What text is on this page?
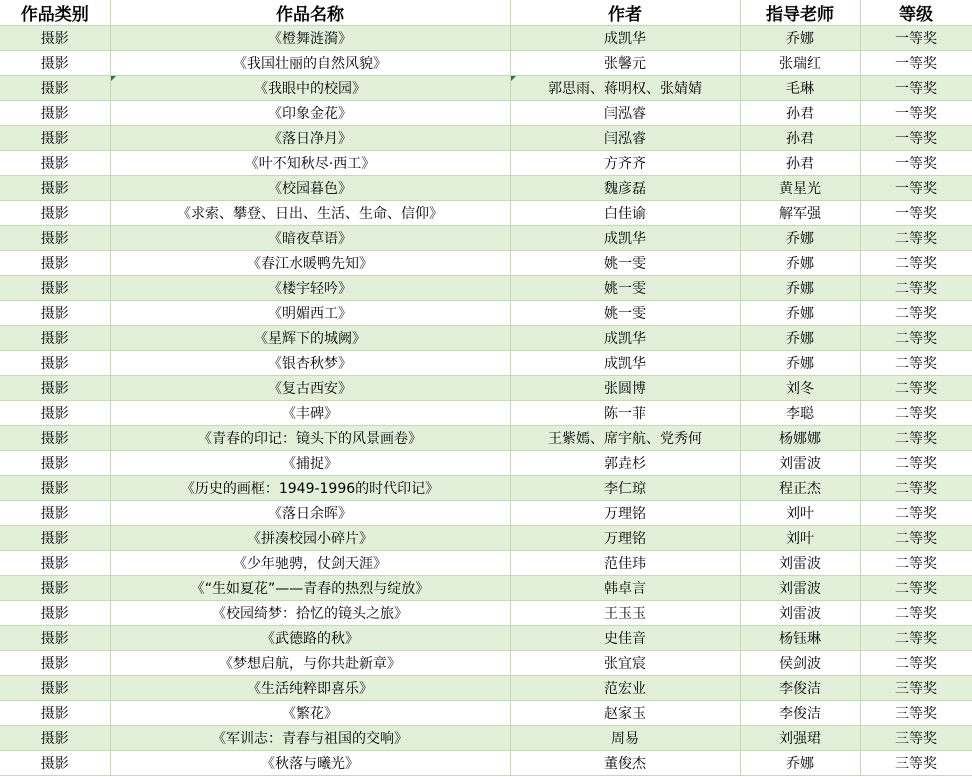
作品类别	作品名称	作者	指导老师	等级
摄影	《橙舞涟漪》	成凯华	乔娜	一等奖
摄影	《我国壮丽的自然风貌》	张馨元	张瑞红	一等奖
摄影	《我眼中的校园》	郭思雨、蒋明权、张婧婧	毛琳	一等奖
摄影	《印象金花》	闫泓睿	孙君	一等奖
摄影	《落日净月》	闫泓睿	孙君	一等奖
摄影	《叶不知秋尽·西工》	方齐齐	孙君	一等奖
摄影	《校园暮色》	魏彦磊	黄星光	一等奖
摄影	《求索、攀登、日出、生活、生命、信仰》	白佳谕	解军强	一等奖
摄影	《暗夜草语》	成凯华	乔娜	二等奖
摄影	《春江水暖鸭先知》	姚一雯	乔娜	二等奖
摄影	《楼宇轻吟》	姚一雯	乔娜	二等奖
摄影	《明媚西工》	姚一雯	乔娜	二等奖
摄影	《星辉下的城阙》	成凯华	乔娜	二等奖
摄影	《银杏秋梦》	成凯华	乔娜	二等奖
摄影	《复古西安》	张圆博	刘冬	二等奖
摄影	《丰碑》	陈一菲	李聪	二等奖
摄影	《青春的印记：镜头下的风景画卷》	王紫嫣、席宇航、党秀何	杨娜娜	二等奖
摄影	《捕捉》	郭垚杉	刘雷波	二等奖
摄影	《历史的画框：1949-1996的时代印记》	李仁琼	程正杰	二等奖
摄影	《落日余晖》	万理铭	刘叶	二等奖
摄影	《拼凑校园小碎片》	万理铭	刘叶	二等奖
摄影	《少年驰骋，仗剑天涯》	范佳玮	刘雷波	二等奖
摄影	《“生如夏花”——青春的热烈与绽放》	韩卓言	刘雷波	二等奖
摄影	《校园绮梦：拾忆的镜头之旅》	王玉玉	刘雷波	二等奖
摄影	《武德路的秋》	史佳音	杨钰琳	二等奖
摄影	《梦想启航，与你共赴新章》	张宜宸	侯剑波	二等奖
摄影	《生活纯粹即喜乐》	范宏业	李俊洁	三等奖
摄影	《繁花》	赵家玉	李俊洁	三等奖
摄影	《军训志：青春与祖国的交响》	周易	刘强珺	三等奖
摄影	《秋落与曦光》	董俊杰	乔娜	三等奖
